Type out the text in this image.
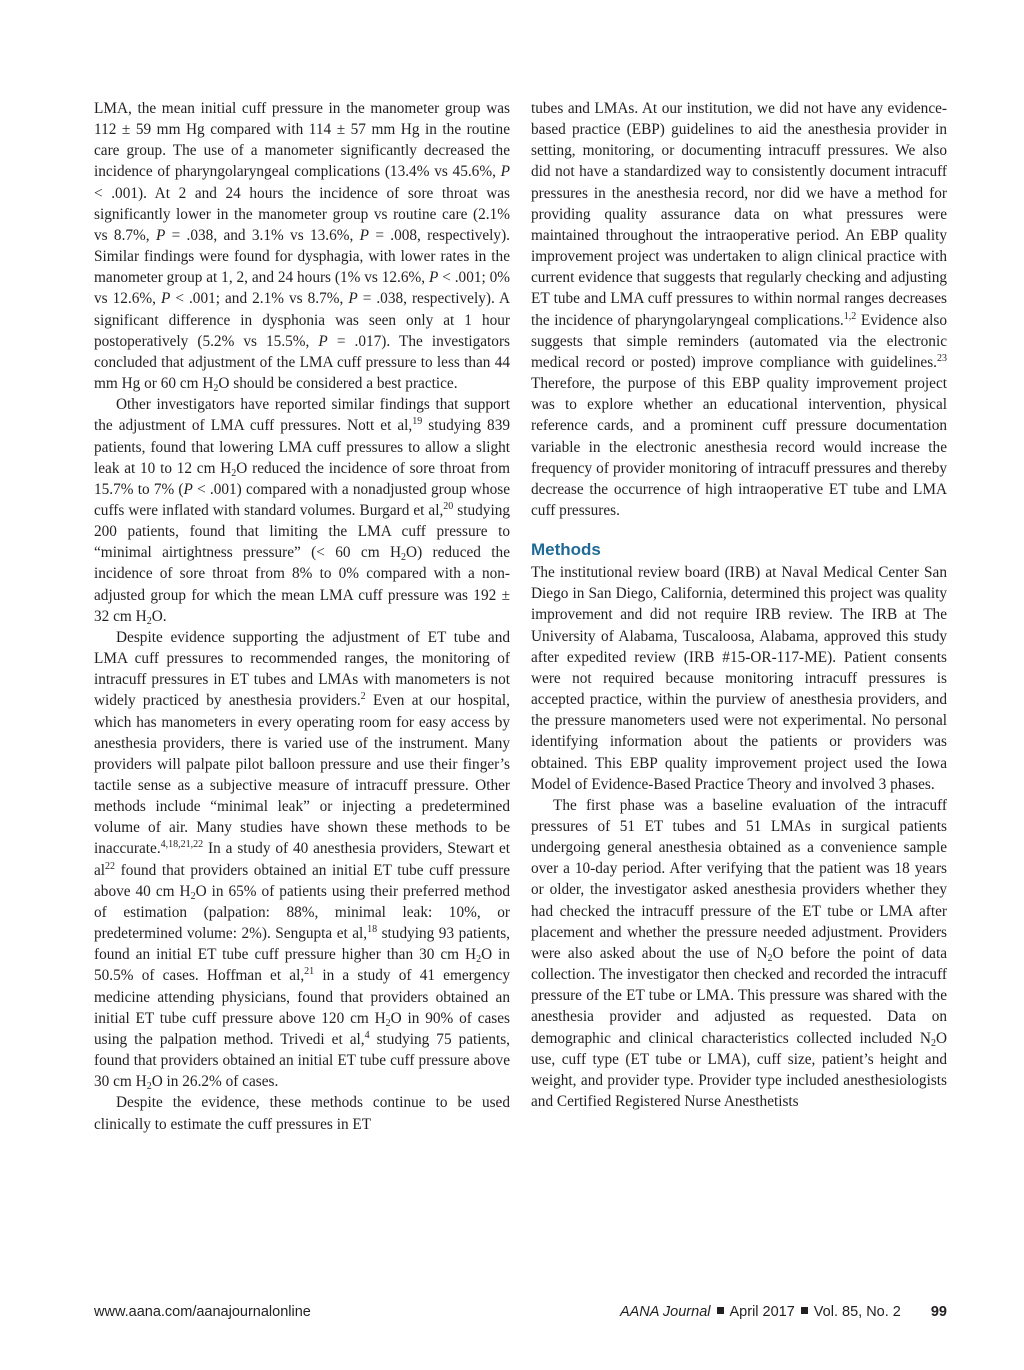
LMA, the mean initial cuff pressure in the manometer group was 112 ± 59 mm Hg compared with 114 ± 57 mm Hg in the routine care group. The use of a manometer significantly decreased the incidence of pharyngolaryngeal complications (13.4% vs 45.6%, P < .001). At 2 and 24 hours the incidence of sore throat was significantly lower in the manometer group vs routine care (2.1% vs 8.7%, P = .038, and 3.1% vs 13.6%, P = .008, respectively). Similar findings were found for dysphagia, with lower rates in the manometer group at 1, 2, and 24 hours (1% vs 12.6%, P < .001; 0% vs 12.6%, P < .001; and 2.1% vs 8.7%, P = .038, respectively). A significant difference in dysphonia was seen only at 1 hour postoperatively (5.2% vs 15.5%, P = .017). The investigators concluded that adjustment of the LMA cuff pressure to less than 44 mm Hg or 60 cm $H_2O$ should be considered a best practice.

Other investigators have reported similar findings that support the adjustment of LMA cuff pressures. Nott et al,$^{19}$ studying 839 patients, found that lowering LMA cuff pressures to allow a slight leak at 10 to 12 cm $H_2O$ reduced the incidence of sore throat from 15.7% to 7% (P < .001) compared with a nonadjusted group whose cuffs were inflated with standard volumes. Burgard et al,$^{20}$ studying 200 patients, found that limiting the LMA cuff pressure to “minimal airtightness pressure” (< 60 cm $H_2O$) reduced the incidence of sore throat from 8% to 0% compared with a non-adjusted group for which the mean LMA cuff pressure was 192 ± 32 cm $H_2O$.

Despite evidence supporting the adjustment of ET tube and LMA cuff pressures to recommended ranges, the monitoring of intracuff pressures in ET tubes and LMAs with manometers is not widely practiced by anesthesia providers.$^2$ Even at our hospital, which has manometers in every operating room for easy access by anesthesia providers, there is varied use of the instrument. Many providers will palpate pilot balloon pressure and use their finger’s tactile sense as a subjective measure of intracuff pressure. Other methods include “minimal leak” or injecting a predetermined volume of air. Many studies have shown these methods to be inaccurate.$^{4,18,21,22}$ In a study of 40 anesthesia providers, Stewart et $al^{22}$ found that providers obtained an initial ET tube cuff pressure above 40 cm $H_2O$ in 65% of patients using their preferred method of estimation (palpation: 88%, minimal leak: 10%, or predetermined volume: 2%). Sengupta et al,$^{18}$ studying 93 patients, found an initial ET tube cuff pressure higher than 30 cm $H_2O$ in 50.5% of cases. Hoffman et al,$^{21}$ in a study of 41 emergency medicine attending physicians, found that providers obtained an initial ET tube cuff pressure above 120 cm $H_2O$ in 90% of cases using the palpation method. Trivedi et al,$^4$ studying 75 patients, found that providers obtained an initial ET tube cuff pressure above 30 cm $H_2O$ in 26.2% of cases.

Despite the evidence, these methods continue to be used clinically to estimate the cuff pressures in ET

tubes and LMAs. At our institution, we did not have any evidence-based practice (EBP) guidelines to aid the anesthesia provider in setting, monitoring, or documenting intracuff pressures. We also did not have a standardized way to consistently document intracuff pressures in the anesthesia record, nor did we have a method for providing quality assurance data on what pressures were maintained throughout the intraoperative period. An EBP quality improvement project was undertaken to align clinical practice with current evidence that suggests that regularly checking and adjusting ET tube and LMA cuff pressures to within normal ranges decreases the incidence of pharyngolaryngeal complications.$^{1,2}$ Evidence also suggests that simple reminders (automated via the electronic medical record or posted) improve compliance with guidelines.$^{23}$ Therefore, the purpose of this EBP quality improvement project was to explore whether an educational intervention, physical reference cards, and a prominent cuff pressure documentation variable in the electronic anesthesia record would increase the frequency of provider monitoring of intracuff pressures and thereby decrease the occurrence of high intraoperative ET tube and LMA cuff pressures.

Methods

The institutional review board (IRB) at Naval Medical Center San Diego in San Diego, California, determined this project was quality improvement and did not require IRB review. The IRB at The University of Alabama, Tuscaloosa, Alabama, approved this study after expedited review (IRB #15-OR-117-ME). Patient consents were not required because monitoring intracuff pressures is accepted practice, within the purview of anesthesia providers, and the pressure manometers used were not experimental. No personal identifying information about the patients or providers was obtained. This EBP quality improvement project used the Iowa Model of Evidence-Based Practice Theory and involved 3 phases.

The first phase was a baseline evaluation of the intracuff pressures of 51 ET tubes and 51 LMAs in surgical patients undergoing general anesthesia obtained as a convenience sample over a 10-day period. After verifying that the patient was 18 years or older, the investigator asked anesthesia providers whether they had checked the intracuff pressure of the ET tube or LMA after placement and whether the pressure needed adjustment. Providers were also asked about the use of $N_2O$ before the point of data collection. The investigator then checked and recorded the intracuff pressure of the ET tube or LMA. This pressure was shared with the anesthesia provider and adjusted as requested. Data on demographic and clinical characteristics collected included $N_2O$ use, cuff type (ET tube or LMA), cuff size, patient’s height and weight, and provider type. Provider type included anesthesiologists and Certified Registered Nurse Anesthetists

www.aana.com/aanajournalonline	AANA Journal April 2017 Vol. 85, No. 2 99
